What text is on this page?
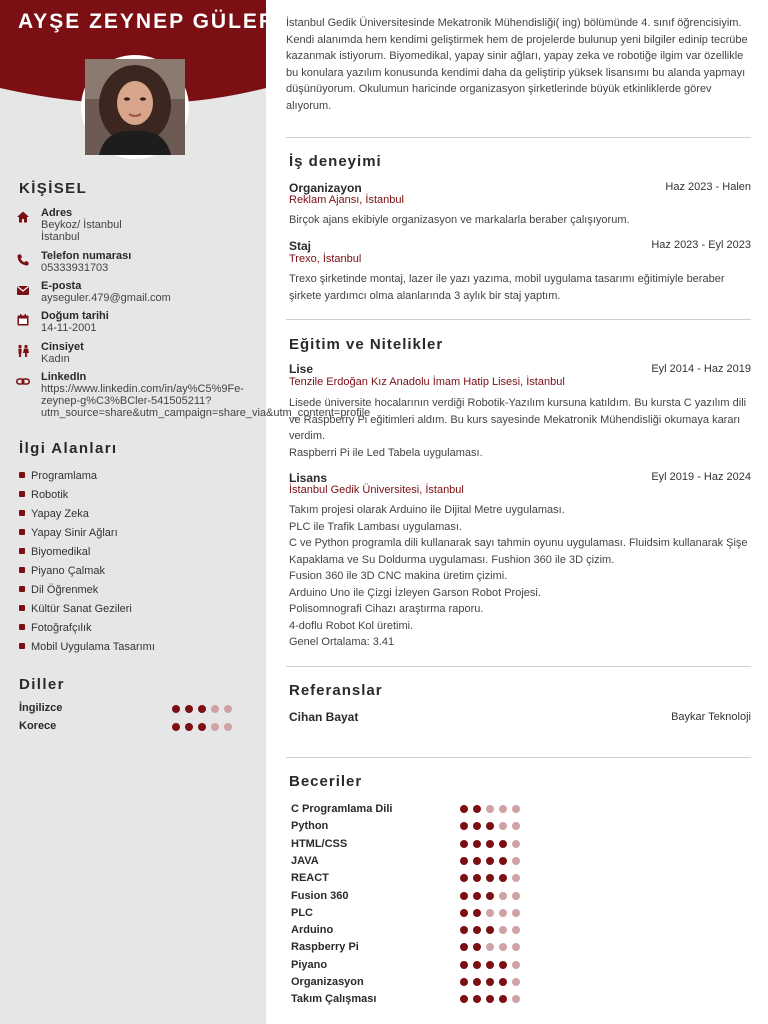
AYŞE ZEYNEP GÜLER
KİŞİSEL
Adres
Beykoz/ İstanbul
İstanbul
Telefon numarası
05333931703
E-posta
ayseguler.479@gmail.com
Doğum tarihi
14-11-2001
Cinsiyet
Kadın
LinkedIn
https://www.linkedin.com/in/ay%C5%9Fe-
zeynep-g%C3%BCler-541505211?
utm_source=share&utm_campaign=share_via&utm_content=profile
İlgi Alanları
Programlama
Robotik
Yapay Zeka
Yapay Sinir Ağları
Biyomedikal
Piyano Çalmak
Dil Öğrenmek
Kültür Sanat Gezileri
Fotoğrafçılık
Mobil Uygulama Tasarımı
Diller
İngilizce
Korece
İstanbul Gedik Üniversitesinde Mekatronik Mühendisliği( ing) bölümünde 4. sınıf öğrencisiyim. Kendi alanımda hem kendimi geliştirmek hem de projelerde bulunup yeni bilgiler edinip tecrübe kazanmak istiyorum. Biyomedikal, yapay sinir ağları, yapay zeka ve robotiğe ilgim var özellikle bu konulara yazılım konusunda kendimi daha da geliştirip yüksek lisansımı bu alanda yapmayı düşünüyorum. Okulumun haricinde organizasyon şirketlerinde büyük etkinliklerde görev alıyorum.
İş deneyimi
Organizayon	Haz 2023 - Halen
Reklam Ajansı, İstanbul
Birçok ajans ekibiyle organizasyon ve markalarla beraber çalışıyorum.
Staj	Haz 2023 - Eyl 2023
Trexo, İstanbul
Trexo şirketinde montaj, lazer ile yazı yazıma, mobil uygulama tasarımı eğitimiyle beraber şirkete yardımcı olma alanlarında 3 aylık bir staj yaptım.
Eğitim ve Nitelikler
Lise	Eyl 2014 - Haz 2019
Tenzile Erdoğan Kız Anadolu İmam Hatip Lisesi, İstanbul
Lisede üniversite hocalarının verdiği Robotik-Yazılım kursuna katıldım. Bu kursta C yazılım dili ve Raspberry Pi eğitimleri aldım. Bu kurs sayesinde Mekatronik Mühendisliği okumaya kararı verdim.
Raspberri Pi ile Led Tabela uygulaması.
Lisans	Eyl 2019 - Haz 2024
İstanbul Gedik Üniversitesi, İstanbul
Takım projesi olarak Arduino ile Dijital Metre uygulaması.
PLC ile Trafik Lambası uygulaması.
C ve Python programla dili kullanarak sayı tahmin oyunu uygulaması. Fluidsim kullanarak Şişe Kapaklama ve Su Doldurma uygulaması. Fushion 360 ile 3D çizim.
Fusion 360 ile 3D CNC makina üretim çizimi.
Arduino Uno ile Çizgi İzleyen Garson Robot Projesi.
Polisomnografi Cihazı araştırma raporu.
4-doflu Robot Kol üretimi.
Genel Ortalama: 3.41
Referanslar
Cihan Bayat	Baykar Teknoloji
Beceriler
C Programlama Dili
Python
HTML/CSS
JAVA
REACT
Fusion 360
PLC
Arduino
Raspberry Pi
Piyano
Organizasyon
Takım Çalışması
